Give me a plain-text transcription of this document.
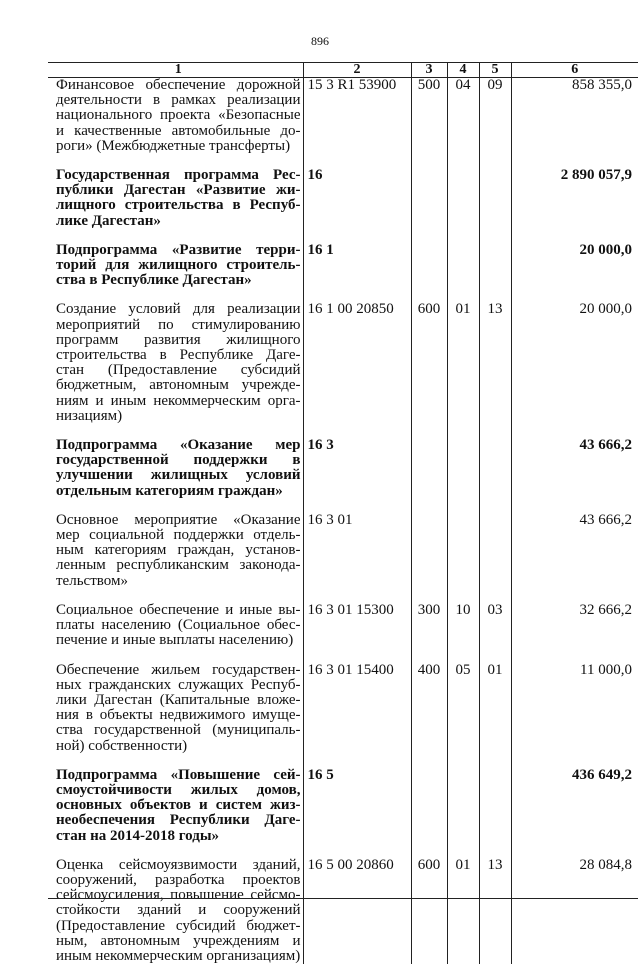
896
1	2	3	4	5	6
Финансовое обеспечение дорожной деятельности в рамках реализации национального проекта «Безопасные и качественные автомобильные до-роги» (Межбюджетные трансферты)	15 3 R1 53900	500	04	09	858 355,0

Государственная программа Рес-публики Дагестан «Развитие жи-лищного строительства в Респуб-лике Дагестан»	16				2 890 057,9

Подпрограмма «Развитие терри-торий для жилищного строитель-ства в Республике Дагестан»	16 1				20 000,0

Создание условий для реализации мероприятий по стимулированию программ развития жилищного строительства в Республике Даге-стан (Предоставление субсидий бюджетным, автономным учрежде-ниям и иным некоммерческим орга-низациям)	16 1 00 20850	600	01	13	20 000,0

Подпрограмма «Оказание мер государственной поддержки в улучшении жилищных условий отдельным категориям граждан»	16 3				43 666,2

Основное мероприятие «Оказание мер социальной поддержки отдель-ным категориям граждан, установ-ленным республиканским законода-тельством»	16 3 01				43 666,2

Социальное обеспечение и иные вы-платы населению (Социальное обес-печение и иные выплаты населению)	16 3 01 15300	300	10	03	32 666,2

Обеспечение жильем государствен-ных гражданских служащих Респуб-лики Дагестан (Капитальные вложе-ния в объекты недвижимого имуще-ства государственной (муниципаль-ной) собственности)	16 3 01 15400	400	05	01	11 000,0

Подпрограмма «Повышение сей-смоустойчивости жилых домов, основных объектов и систем жиз-необеспечения Республики Даге-стан на 2014-2018 годы»	16 5				436 649,2

Оценка сейсмоуязвимости зданий, сооружений, разработка проектов сейсмоусиления, повышение сейсмо-стойкости зданий и сооружений (Предоставление субсидий бюджет-ным, автономным учреждениям и иным некоммерческим организациям)	16 5 00 20860	600	01	13	28 084,8
